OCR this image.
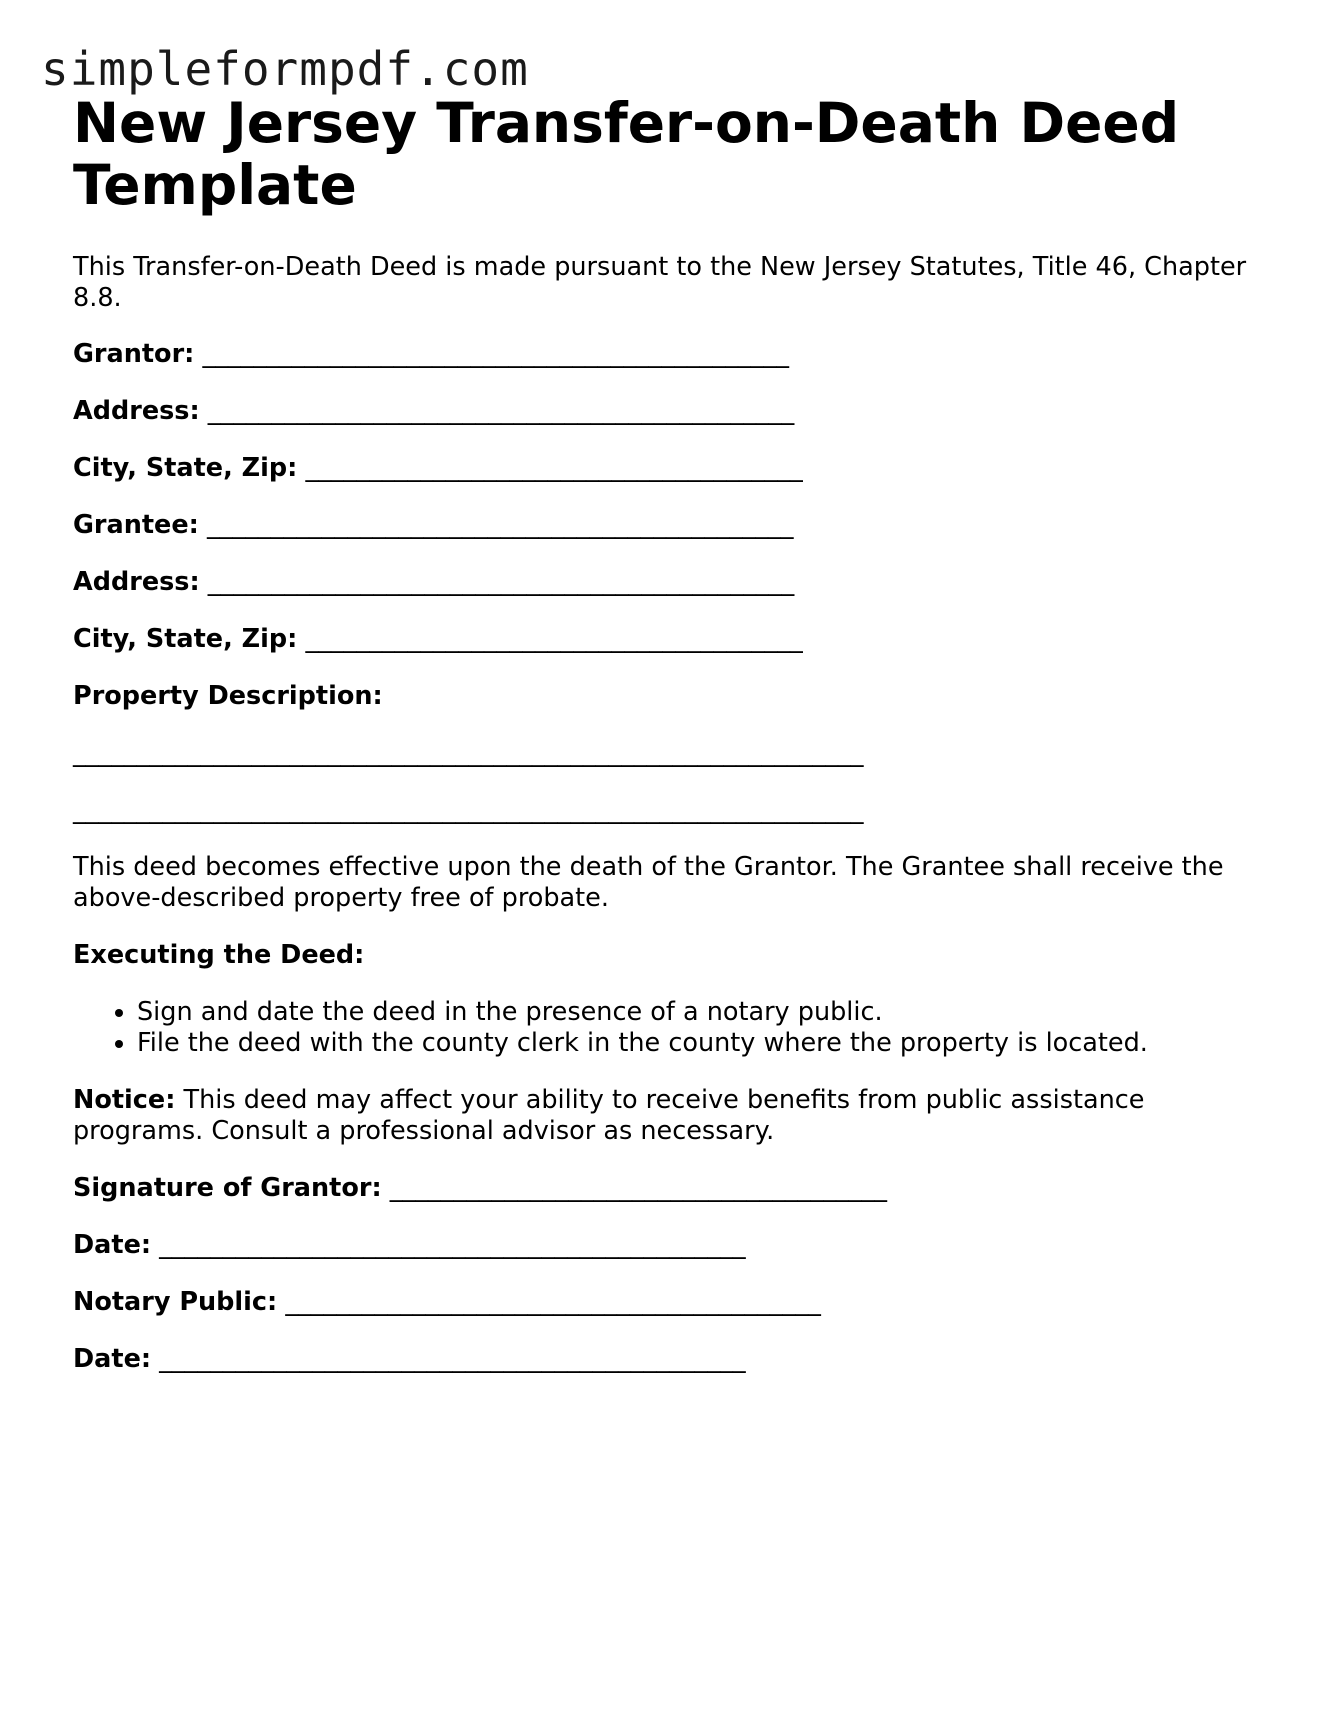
simpleformpdf.com
New Jersey Transfer-on-Death Deed Template

This Transfer-on-Death Deed is made pursuant to the New Jersey Statutes, Title 46, Chapter 8.8.

Grantor: ______________________________________________
Address: ______________________________________________
City, State, Zip: _______________________________________
Grantee: ______________________________________________
Address: ______________________________________________
City, State, Zip: _______________________________________
Property Description:
______________________________________________________________
______________________________________________________________

This deed becomes effective upon the death of the Grantor. The Grantee shall receive the above-described property free of probate.

Executing the Deed:
• Sign and date the deed in the presence of a notary public.
• File the deed with the county clerk in the county where the property is located.

Notice: This deed may affect your ability to receive benefits from public assistance programs. Consult a professional advisor as necessary.

Signature of Grantor: _______________________________________
Date: ______________________________________________
Notary Public: __________________________________________
Date: ______________________________________________
